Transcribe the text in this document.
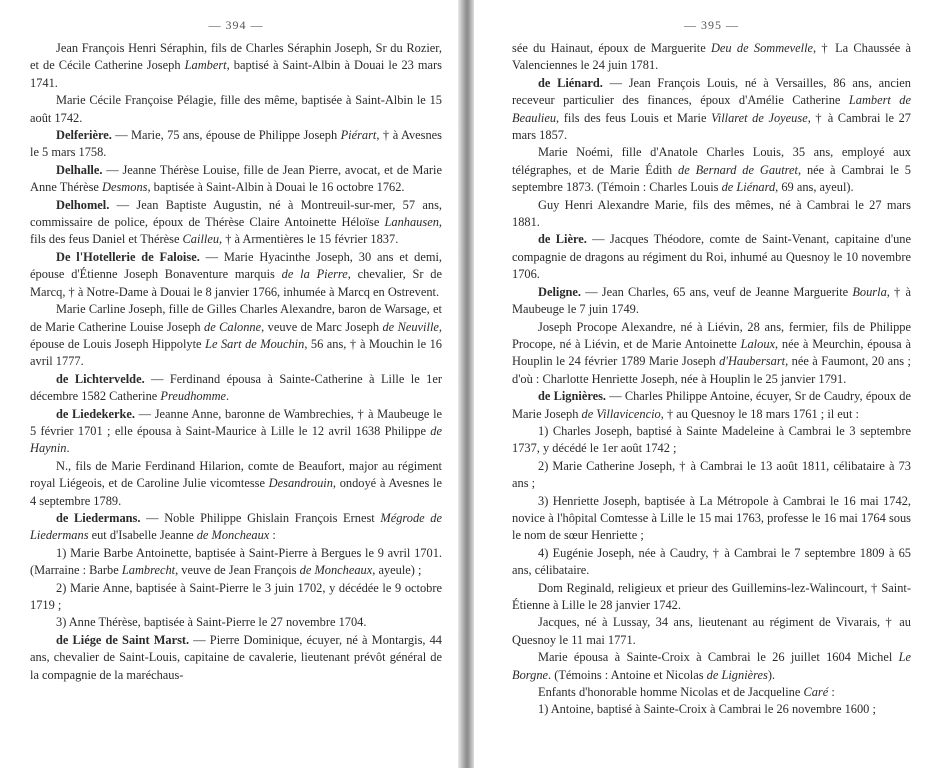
— 394 —

Jean François Henri Séraphin, fils de Charles Séraphin Joseph, Sr du Rozier, et de Cécile Catherine Joseph Lambert, baptisé à Saint-Albin à Douai le 23 mars 1741.

Marie Cécile Françoise Pélagie, fille des même, baptisée à Saint-Albin le 15 août 1742.

Delferière. — Marie, 75 ans, épouse de Philippe Joseph Piérart, † à Avesnes le 5 mars 1758.

Delhalle. — Jeanne Thérèse Louise, fille de Jean Pierre, avocat, et de Marie Anne Thérèse Desmons, baptisée à Saint-Albin à Douai le 16 octobre 1762.

Delhomel. — Jean Baptiste Augustin, né à Montreuil-sur-mer, 57 ans, commissaire de police, époux de Thérèse Claire Antoinette Héloïse Lanhausen, fils des feus Daniel et Thérèse Cailleu, † à Armentières le 15 février 1837.

De l'Hotellerie de Faloise. — Marie Hyacinthe Joseph, 30 ans et demi, épouse d'Étienne Joseph Bonaventure marquis de la Pierre, chevalier, Sr de Marcq, † à Notre-Dame à Douai le 8 janvier 1766, inhumée à Marcq en Ostrevent.

Marie Carline Joseph, fille de Gilles Charles Alexandre, baron de Warsage, et de Marie Catherine Louise Joseph de Calonne, veuve de Marc Joseph de Neuville, épouse de Louis Joseph Hippolyte Le Sart de Mouchin, 56 ans, † à Mouchin le 16 avril 1777.

de Lichtervelde. — Ferdinand épousa à Sainte-Catherine à Lille le 1er décembre 1582 Catherine Preudhomme.

de Liedekerke. — Jeanne Anne, baronne de Wambrechies, † à Maubeuge le 5 février 1701 ; elle épousa à Saint-Maurice à Lille le 12 avril 1638 Philippe de Haynin.

N., fils de Marie Ferdinand Hilarion, comte de Beaufort, major au régiment royal Liégeois, et de Caroline Julie vicomtesse Desandrouin, ondoyé à Avesnes le 4 septembre 1789.

de Liedermans. — Noble Philippe Ghislain François Ernest Mégrode de Liedermans eut d'Isabelle Jeanne de Moncheaux :

1) Marie Barbe Antoinette, baptisée à Saint-Pierre à Bergues le 9 avril 1701. (Marraine : Barbe Lambrecht, veuve de Jean François de Moncheaux, ayeule) ;

2) Marie Anne, baptisée à Saint-Pierre le 3 juin 1702, y décédée le 9 octobre 1719 ;

3) Anne Thérèse, baptisée à Saint-Pierre le 27 novembre 1704.

de Liége de Saint Marst. — Pierre Dominique, écuyer, né à Montargis, 44 ans, chevalier de Saint-Louis, capitaine de cavalerie, lieutenant prévôt général de la compagnie de la maréchaus-

— 395 —

sée du Hainaut, époux de Marguerite Deu de Sommevelle, † La Chaussée à Valenciennes le 24 juin 1781.

de Liénard. — Jean François Louis, né à Versailles, 86 ans, ancien receveur particulier des finances, époux d'Amélie Catherine Lambert de Beaulieu, fils des feus Louis et Marie Villaret de Joyeuse, † à Cambrai le 27 mars 1857.

Marie Noémi, fille d'Anatole Charles Louis, 35 ans, employé aux télégraphes, et de Marie Édith de Bernard de Gautret, née à Cambrai le 5 septembre 1873. (Témoin : Charles Louis de Liénard, 69 ans, ayeul).

Guy Henri Alexandre Marie, fils des mêmes, né à Cambrai le 27 mars 1881.

de Lière. — Jacques Théodore, comte de Saint-Venant, capitaine d'une compagnie de dragons au régiment du Roi, inhumé au Quesnoy le 10 novembre 1706.

Deligne. — Jean Charles, 65 ans, veuf de Jeanne Marguerite Bourla, † à Maubeuge le 7 juin 1749.

Joseph Procope Alexandre, né à Liévin, 28 ans, fermier, fils de Philippe Procope, né à Liévin, et de Marie Antoinette Laloux, née à Meurchin, épousa à Houplin le 24 février 1789 Marie Joseph d'Haubersart, née à Faumont, 20 ans ; d'où : Charlotte Henriette Joseph, née à Houplin le 25 janvier 1791.

de Lignières. — Charles Philippe Antoine, écuyer, Sr de Caudry, époux de Marie Joseph de Villavicencio, † au Quesnoy le 18 mars 1761 ; il eut :

1) Charles Joseph, baptisé à Sainte Madeleine à Cambrai le 3 septembre 1737, y décédé le 1er août 1742 ;

2) Marie Catherine Joseph, † à Cambrai le 13 août 1811, célibataire à 73 ans ;

3) Henriette Joseph, baptisée à La Métropole à Cambrai le 16 mai 1742, novice à l'hôpital Comtesse à Lille le 15 mai 1763, professe le 16 mai 1764 sous le nom de sœur Henriette ;

4) Eugénie Joseph, née à Caudry, † à Cambrai le 7 septembre 1809 à 65 ans, célibataire.

Dom Reginald, religieux et prieur des Guillemins-lez-Walincourt, † Saint-Étienne à Lille le 28 janvier 1742.

Jacques, né à Lussay, 34 ans, lieutenant au régiment de Vivarais, † au Quesnoy le 11 mai 1771.

Marie épousa à Sainte-Croix à Cambrai le 26 juillet 1604 Michel Le Borgne. (Témoins : Antoine et Nicolas de Lignières).

Enfants d'honorable homme Nicolas et de Jacqueline Caré :

1) Antoine, baptisé à Sainte-Croix à Cambrai le 26 novembre 1600 ;
